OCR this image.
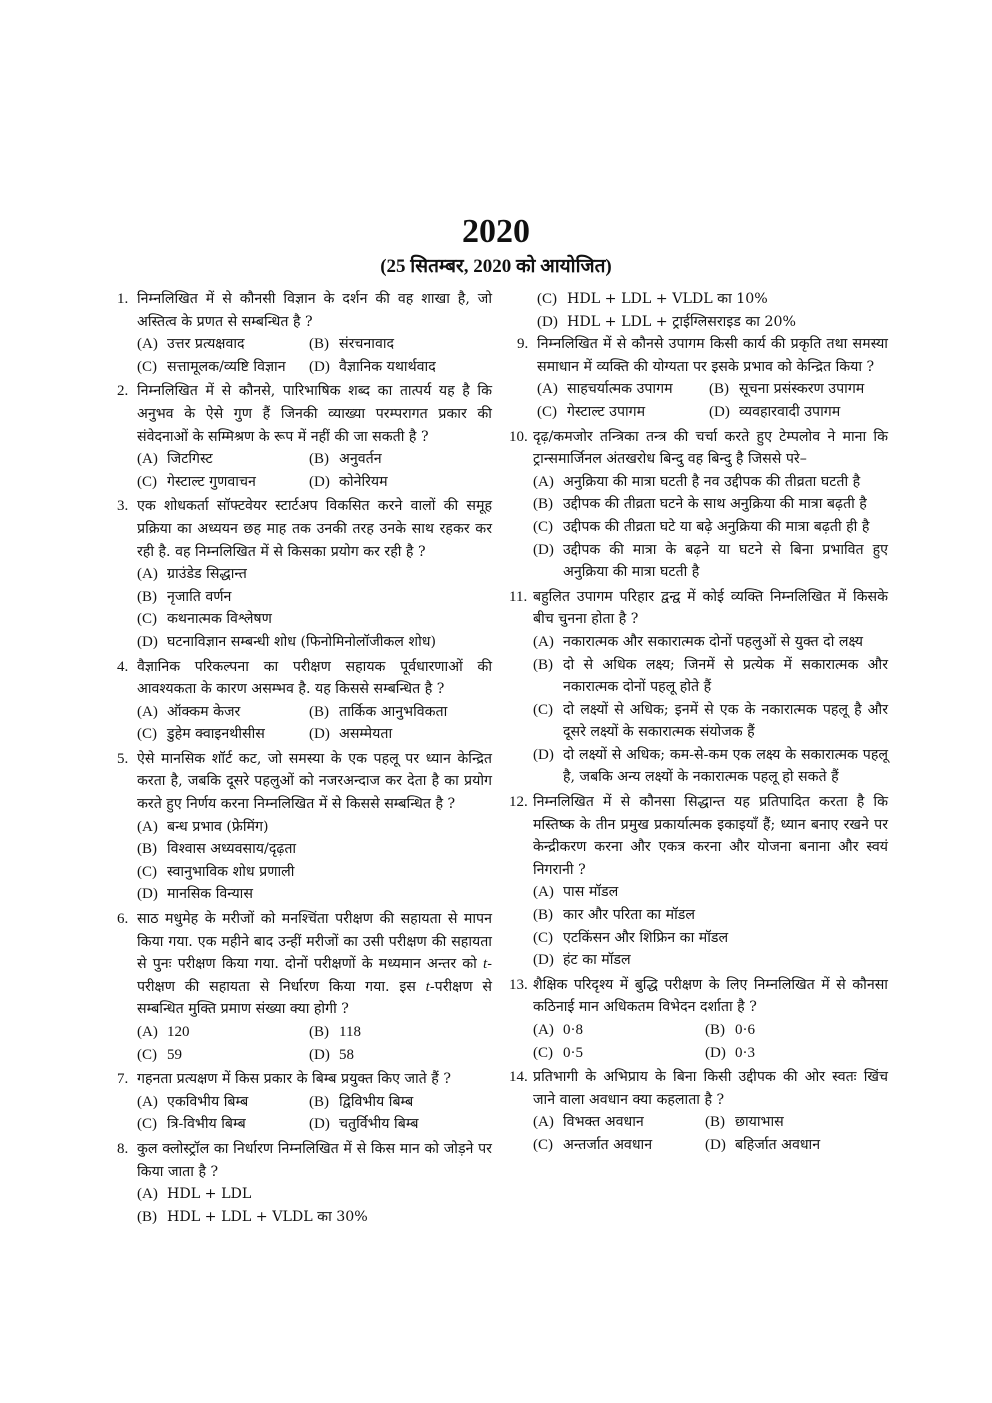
2020
(25 सितम्बर, 2020 को आयोजित)
1. निम्नलिखित में से कौनसी विज्ञान के दर्शन की वह शाखा है, जो अस्तित्व के प्रणत से सम्बन्धित है ?
(A) उत्तर प्रत्यक्षवाद	(B) संरचनावाद
(C) सत्तामूलक/व्यष्टि विज्ञान	(D) वैज्ञानिक यथार्थवाद
2. निम्नलिखित में से कौनसे, पारिभाषिक शब्द का तात्पर्य यह है कि अनुभव के ऐसे गुण हैं जिनकी व्याख्या परम्परागत प्रकार की संवेदनाओं के सम्मिश्रण के रूप में नहीं की जा सकती है ?
(A) जिटगिस्ट	(B) अनुवर्तन
(C) गेस्टाल्ट गुणवाचन	(D) कोनेरियम
3. एक शोधकर्ता सॉफ्टवेयर स्टार्टअप विकसित करने वालों की समूह प्रक्रिया का अध्ययन छह माह तक उनकी तरह उनके साथ रहकर कर रही है. वह निम्नलिखित में से किसका प्रयोग कर रही है ?
(A) ग्राउंडेड सिद्धान्त
(B) नृजाति वर्णन
(C) कथनात्मक विश्लेषण
(D) घटनाविज्ञान सम्बन्धी शोध (फिनोमिनोलॉजीकल शोध)
4. वैज्ञानिक परिकल्पना का परीक्षण सहायक पूर्वधारणाओं की आवश्यकता के कारण असम्भव है. यह किससे सम्बन्धित है ?
(A) ऑक्कम केजर	(B) तार्किक आनुभविकता
(C) डुहेम क्वाइनथीसीस	(D) असम्मेयता
5. ऐसे मानसिक शॉर्ट कट, जो समस्या के एक पहलू पर ध्यान केन्द्रित करता है, जबकि दूसरे पहलुओं को नजरअन्दाज कर देता है का प्रयोग करते हुए निर्णय करना निम्नलिखित में से किससे सम्बन्धित है ?
(A) बन्ध प्रभाव (फ्रेमिंग)
(B) विश्वास अध्यवसाय/दृढ़ता
(C) स्वानुभाविक शोध प्रणाली
(D) मानसिक विन्यास
6. साठ मधुमेह के मरीजों को मनश्चिंता परीक्षण की सहायता से मापन किया गया. एक महीने बाद उन्हीं मरीजों का उसी परीक्षण की सहायता से पुनः परीक्षण किया गया. दोनों परीक्षणों के मध्यमान अन्तर को t-परीक्षण की सहायता से निर्धारण किया गया. इस t-परीक्षण से सम्बन्धित मुक्ति प्रमाण संख्या क्या होगी ?
(A) 120	(B) 118
(C) 59	(D) 58
7. गहनता प्रत्यक्षण में किस प्रकार के बिम्ब प्रयुक्त किए जाते हैं ?
(A) एकविभीय बिम्ब	(B) द्विविभीय बिम्ब
(C) त्रि-विभीय बिम्ब	(D) चतुर्विभीय बिम्ब
8. कुल क्लोस्ट्रॉल का निर्धारण निम्नलिखित में से किस मान को जोड़ने पर किया जाता है ?
(A) HDL + LDL
(B) HDL + LDL + VLDL का 30%
(C) HDL + LDL + VLDL का 10%
(D) HDL + LDL + ट्राईग्लिसराइड का 20%
9. निम्नलिखित में से कौनसे उपागम किसी कार्य की प्रकृति तथा समस्या समाधान में व्यक्ति की योग्यता पर इसके प्रभाव को केन्द्रित किया ?
(A) साहचर्यात्मक उपागम	(B) सूचना प्रसंस्करण उपागम
(C) गेस्टाल्ट उपागम	(D) व्यवहारवादी उपागम
10. दृढ़/कमजोर तन्त्रिका तन्त्र की चर्चा करते हुए टेम्पलोव ने माना कि ट्रान्समार्जिनल अंतखरोध बिन्दु वह बिन्दु है जिससे परे–
(A) अनुक्रिया की मात्रा घटती है नव उद्दीपक की तीव्रता घटती है
(B) उद्दीपक की तीव्रता घटने के साथ अनुक्रिया की मात्रा बढ़ती है
(C) उद्दीपक की तीव्रता घटे या बढ़े अनुक्रिया की मात्रा बढ़ती ही है
(D) उद्दीपक की मात्रा के बढ़ने या घटने से बिना प्रभावित हुए अनुक्रिया की मात्रा घटती है
11. बहुलित उपागम परिहार द्वन्द्व में कोई व्यक्ति निम्नलिखित में किसके बीच चुनना होता है ?
(A) नकारात्मक और सकारात्मक दोनों पहलुओं से युक्त दो लक्ष्य
(B) दो से अधिक लक्ष्य; जिनमें से प्रत्येक में सकारात्मक और नकारात्मक दोनों पहलू होते हैं
(C) दो लक्ष्यों से अधिक; इनमें से एक के नकारात्मक पहलू है और दूसरे लक्ष्यों के सकारात्मक संयोजक हैं
(D) दो लक्ष्यों से अधिक; कम-से-कम एक लक्ष्य के सकारात्मक पहलू है, जबकि अन्य लक्ष्यों के नकारात्मक पहलू हो सकते हैं
12. निम्नलिखित में से कौनसा सिद्धान्त यह प्रतिपादित करता है कि मस्तिष्क के तीन प्रमुख प्रकार्यात्मक इकाइयाँ हैं; ध्यान बनाए रखने पर केन्द्रीकरण करना और एकत्र करना और योजना बनाना और स्वयं निगरानी ?
(A) पास मॉडल
(B) कार और परिता का मॉडल
(C) एटकिंसन और शिफ्रिन का मॉडल
(D) हंट का मॉडल
13. शैक्षिक परिदृश्य में बुद्धि परीक्षण के लिए निम्नलिखित में से कौनसा कठिनाई मान अधिकतम विभेदन दर्शाता है ?
(A) 0·8	(B) 0·6
(C) 0·5	(D) 0·3
14. प्रतिभागी के अभिप्राय के बिना किसी उद्दीपक की ओर स्वतः खिंच जाने वाला अवधान क्या कहलाता है ?
(A) विभक्त अवधान	(B) छायाभास
(C) अन्तर्जात अवधान	(D) बहिर्जात अवधान
